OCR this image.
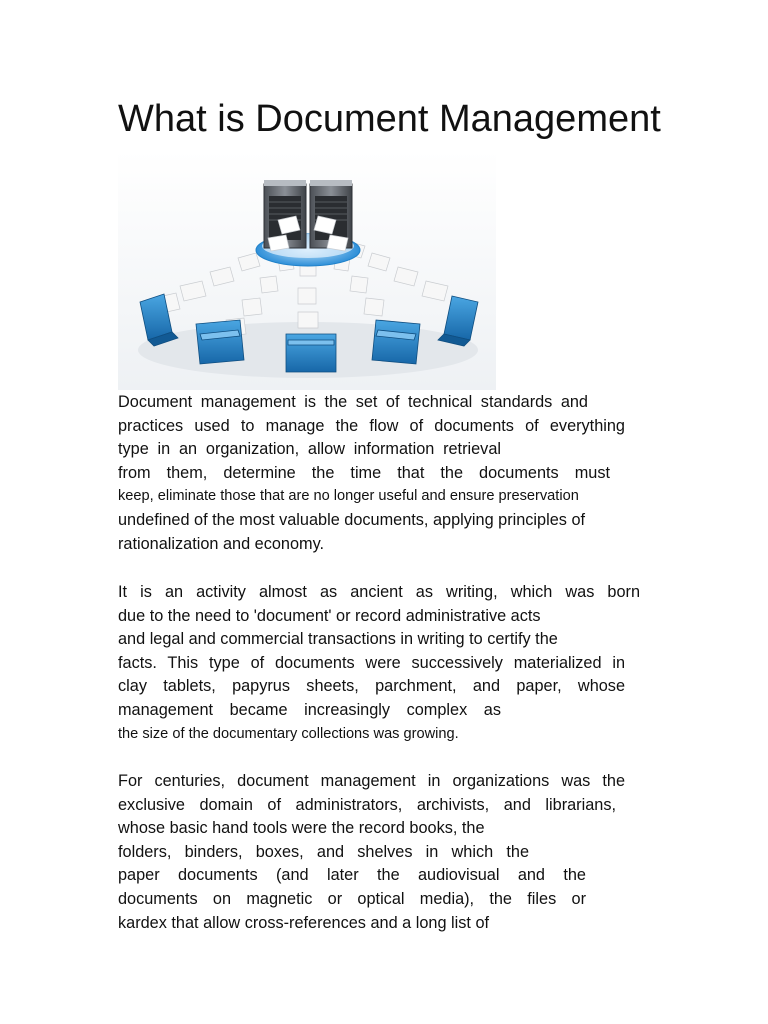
What is Document Management
Document management is the set of technical standards and
practices used to manage the flow of documents of everything
type in an organization, allow information retrieval
from them, determine the time that the documents must
keep, eliminate those that are no longer useful and ensure preservation
undefined of the most valuable documents, applying principles of
rationalization and economy.
It is an activity almost as ancient as writing, which was born
due to the need to 'document' or record administrative acts
and legal and commercial transactions in writing to certify the
facts. This type of documents were successively materialized in
clay tablets, papyrus sheets, parchment, and paper, whose
management became increasingly complex as
the size of the documentary collections was growing.
For centuries, document management in organizations was the
exclusive domain of administrators, archivists, and librarians,
whose basic hand tools were the record books, the
folders, binders, boxes, and shelves in which the
paper documents (and later the audiovisual and the
documents on magnetic or optical media), the files or
kardex that allow cross-references and a long list of
